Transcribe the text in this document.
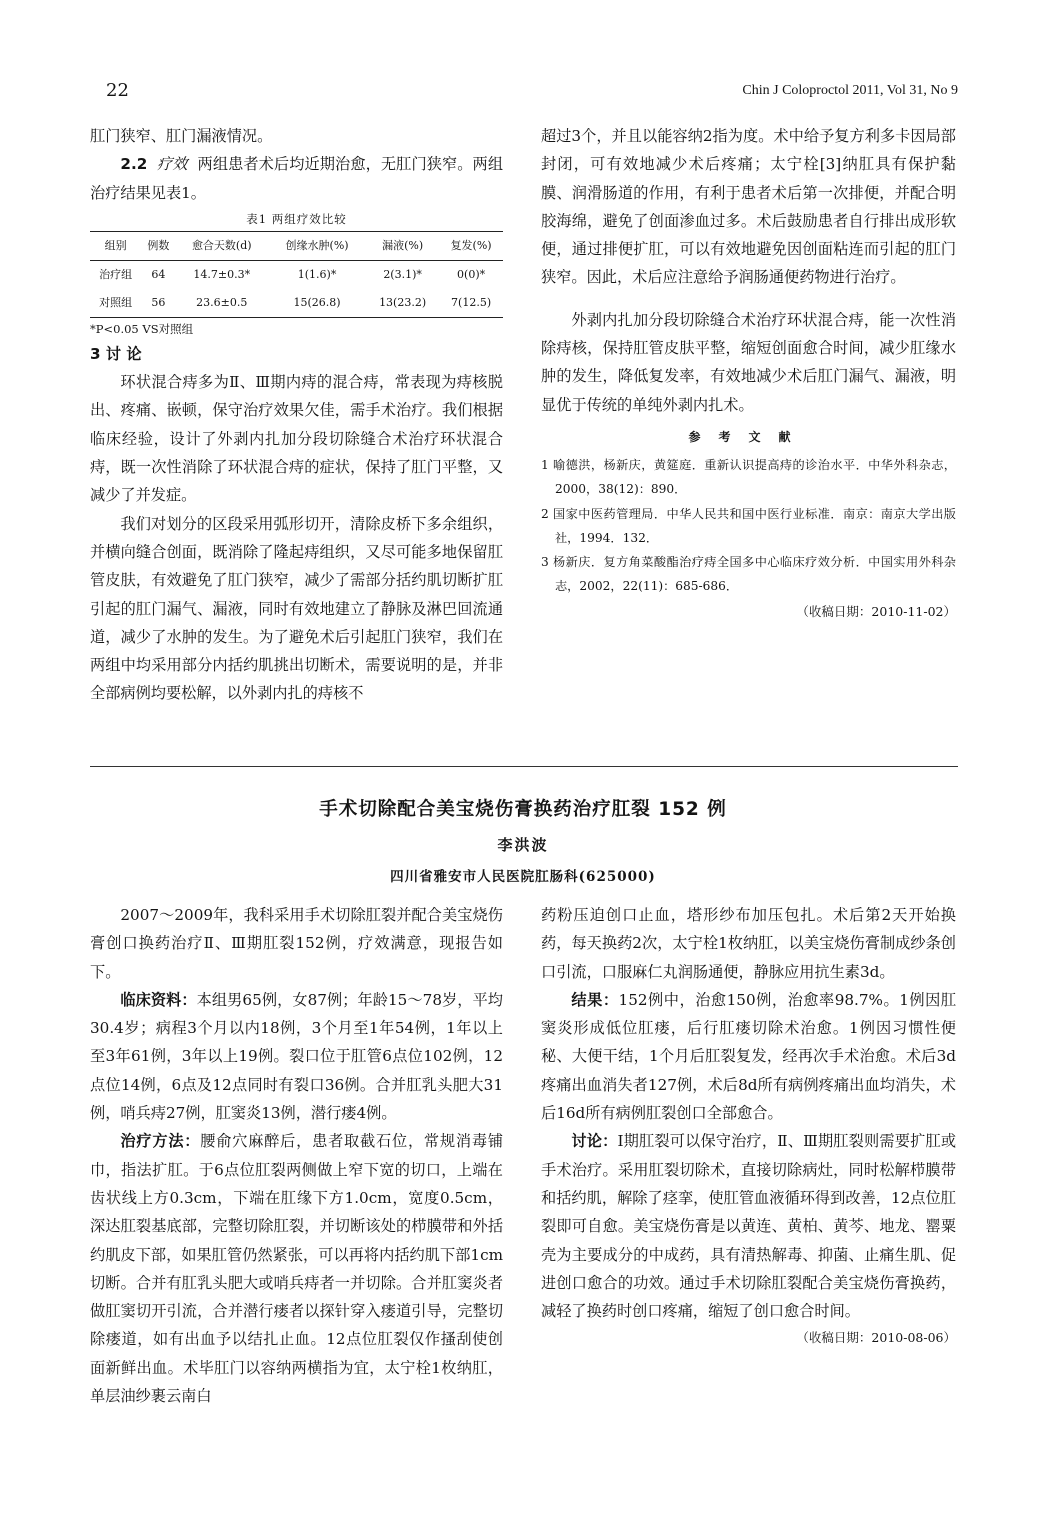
22	Chin J Coloproctol 2011, Vol 31, No 9

肛门狭窄、肛门漏液情况。

2.2 疗效 两组患者术后均近期治愈，无肛门狭窄。两组治疗结果见表1。

表1 两组疗效比较
组别	例数	愈合天数(d)	创缘水肿(%)	漏液(%)	复发(%)
治疗组	64	14.7±0.3*	1(1.6)*	2(3.1)*	0(0)*
对照组	56	23.6±0.5	15(26.8)	13(23.2)	7(12.5)
*P<0.05 VS对照组

3 讨 论

环状混合痔多为Ⅱ、Ⅲ期内痔的混合痔，常表现为痔核脱出、疼痛、嵌顿，保守治疗效果欠佳，需手术治疗。我们根据临床经验，设计了外剥内扎加分段切除缝合术治疗环状混合痔，既一次性消除了环状混合痔的症状，保持了肛门平整，又减少了并发症。

我们对划分的区段采用弧形切开，清除皮桥下多余组织，并横向缝合创面，既消除了隆起痔组织，又尽可能多地保留肛管皮肤，有效避免了肛门狭窄，减少了需部分括约肌切断扩肛引起的肛门漏气、漏液，同时有效地建立了静脉及淋巴回流通道，减少了水肿的发生。为了避免术后引起肛门狭窄，我们在两组中均采用部分内括约肌挑出切断术，需要说明的是，并非全部病例均要松解，以外剥内扎的痔核不

超过3个，并且以能容纳2指为度。术中给予复方利多卡因局部封闭，可有效地减少术后疼痛；太宁栓[3]纳肛具有保护黏膜、润滑肠道的作用，有利于患者术后第一次排便，并配合明胶海绵，避免了创面渗血过多。术后鼓励患者自行排出成形软便，通过排便扩肛，可以有效地避免因创面粘连而引起的肛门狭窄。因此，术后应注意给予润肠通便药物进行治疗。

外剥内扎加分段切除缝合术治疗环状混合痔，能一次性消除痔核，保持肛管皮肤平整，缩短创面愈合时间，减少肛缘水肿的发生，降低复发率，有效地减少术后肛门漏气、漏液，明显优于传统的单纯外剥内扎术。

参考文献

1 喻德洪，杨新庆，黄筵庭．重新认识提高痔的诊治水平．中华外科杂志，2000，38(12)：890．

2 国家中医药管理局．中华人民共和国中医行业标准．南京：南京大学出版社，1994．132．

3 杨新庆．复方角菜酸酯治疗痔全国多中心临床疗效分析．中国实用外科杂志，2002，22(11)：685-686．

（收稿日期：2010-11-02）
手术切除配合美宝烧伤膏换药治疗肛裂 152 例
李洪波
四川省雅安市人民医院肛肠科(625000)

2007～2009年，我科采用手术切除肛裂并配合美宝烧伤膏创口换药治疗Ⅱ、Ⅲ期肛裂152例，疗效满意，现报告如下。

临床资料：本组男65例，女87例；年龄15～78岁，平均30.4岁；病程3个月以内18例，3个月至1年54例，1年以上至3年61例，3年以上19例。裂口位于肛管6点位102例，12点位14例，6点及12点同时有裂口36例。合并肛乳头肥大31例，哨兵痔27例，肛窦炎13例，潜行瘘4例。

治疗方法：腰俞穴麻醉后，患者取截石位，常规消毒铺巾，指法扩肛。于6点位肛裂两侧做上窄下宽的切口，上端在齿状线上方0.3cm，下端在肛缘下方1.0cm，宽度0.5cm，深达肛裂基底部，完整切除肛裂，并切断该处的栉膜带和外括约肌皮下部，如果肛管仍然紧张，可以再将内括约肌下部1cm切断。合并有肛乳头肥大或哨兵痔者一并切除。合并肛窦炎者做肛窦切开引流，合并潜行瘘者以探针穿入瘘道引导，完整切除瘘道，如有出血予以结扎止血。12点位肛裂仅作搔刮使创面新鲜出血。术毕肛门以容纳两横指为宜，太宁栓1枚纳肛，单层油纱裹云南白

药粉压迫创口止血，塔形纱布加压包扎。术后第2天开始换药，每天换药2次，太宁栓1枚纳肛，以美宝烧伤膏制成纱条创口引流，口服麻仁丸润肠通便，静脉应用抗生素3d。

结果：152例中，治愈150例，治愈率98.7%。1例因肛窦炎形成低位肛瘘，后行肛瘘切除术治愈。1例因习惯性便秘、大便干结，1个月后肛裂复发，经再次手术治愈。术后3d疼痛出血消失者127例，术后8d所有病例疼痛出血均消失，术后16d所有病例肛裂创口全部愈合。

讨论：Ⅰ期肛裂可以保守治疗，Ⅱ、Ⅲ期肛裂则需要扩肛或手术治疗。采用肛裂切除术，直接切除病灶，同时松解栉膜带和括约肌，解除了痉挛，使肛管血液循环得到改善，12点位肛裂即可自愈。美宝烧伤膏是以黄连、黄柏、黄芩、地龙、罂粟壳为主要成分的中成药，具有清热解毒、抑菌、止痛生肌、促进创口愈合的功效。通过手术切除肛裂配合美宝烧伤膏换药，减轻了换药时创口疼痛，缩短了创口愈合时间。

（收稿日期：2010-08-06）
